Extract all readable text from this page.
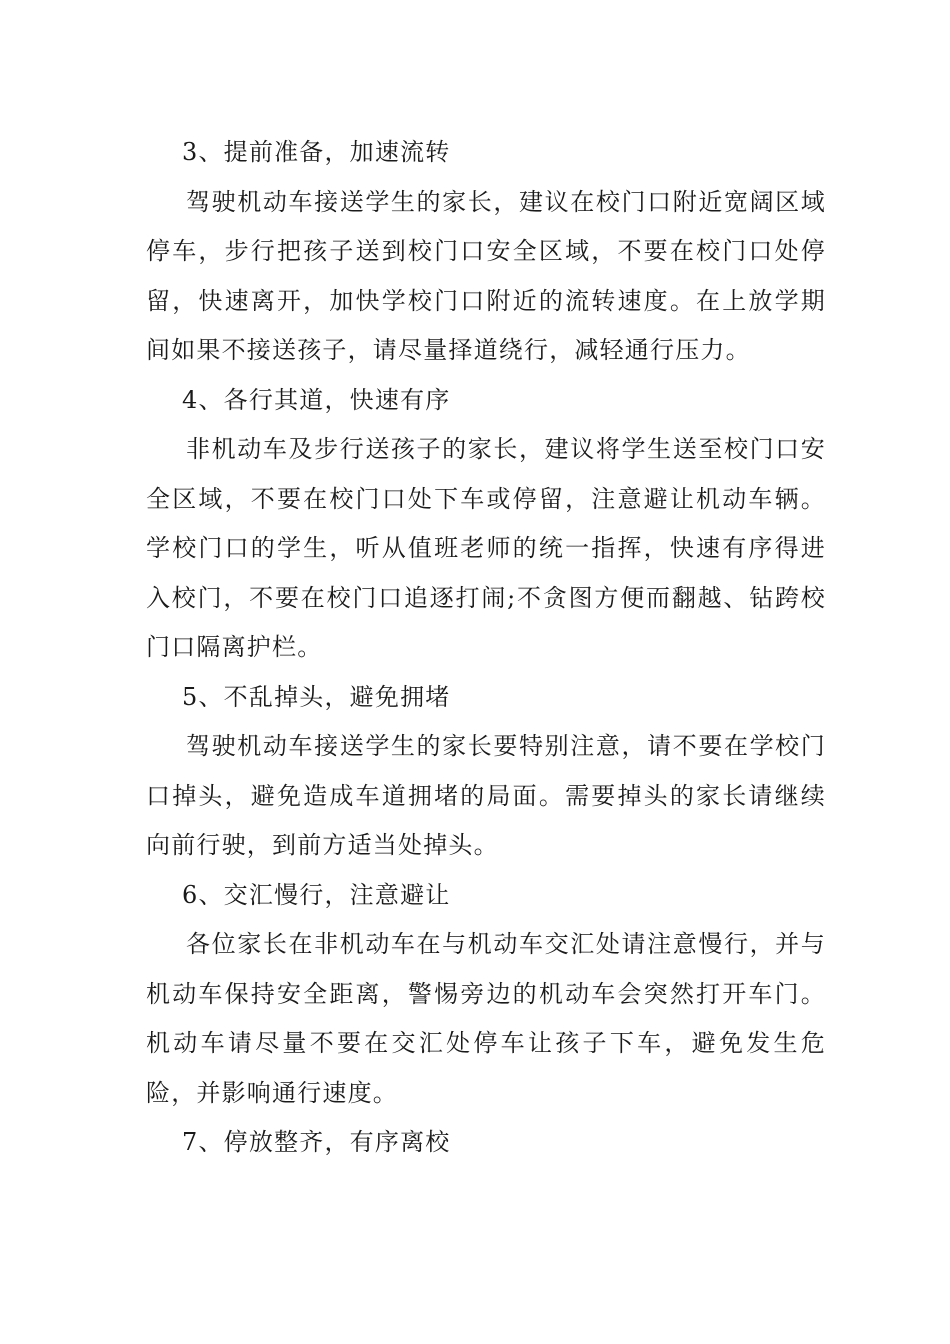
3、提前准备，加速流转

驾驶机动车接送学生的家长，建议在校门口附近宽阔区域停车，步行把孩子送到校门口安全区域，不要在校门口处停留，快速离开，加快学校门口附近的流转速度。在上放学期间如果不接送孩子，请尽量择道绕行，减轻通行压力。

4、各行其道，快速有序

非机动车及步行送孩子的家长，建议将学生送至校门口安全区域，不要在校门口处下车或停留，注意避让机动车辆。学校门口的学生，听从值班老师的统一指挥，快速有序得进入校门，不要在校门口追逐打闹;不贪图方便而翻越、钻跨校门口隔离护栏。

5、不乱掉头，避免拥堵

驾驶机动车接送学生的家长要特别注意，请不要在学校门口掉头，避免造成车道拥堵的局面。需要掉头的家长请继续向前行驶，到前方适当处掉头。

6、交汇慢行，注意避让

各位家长在非机动车在与机动车交汇处请注意慢行，并与机动车保持安全距离，警惕旁边的机动车会突然打开车门。机动车请尽量不要在交汇处停车让孩子下车，避免发生危险，并影响通行速度。

7、停放整齐，有序离校
